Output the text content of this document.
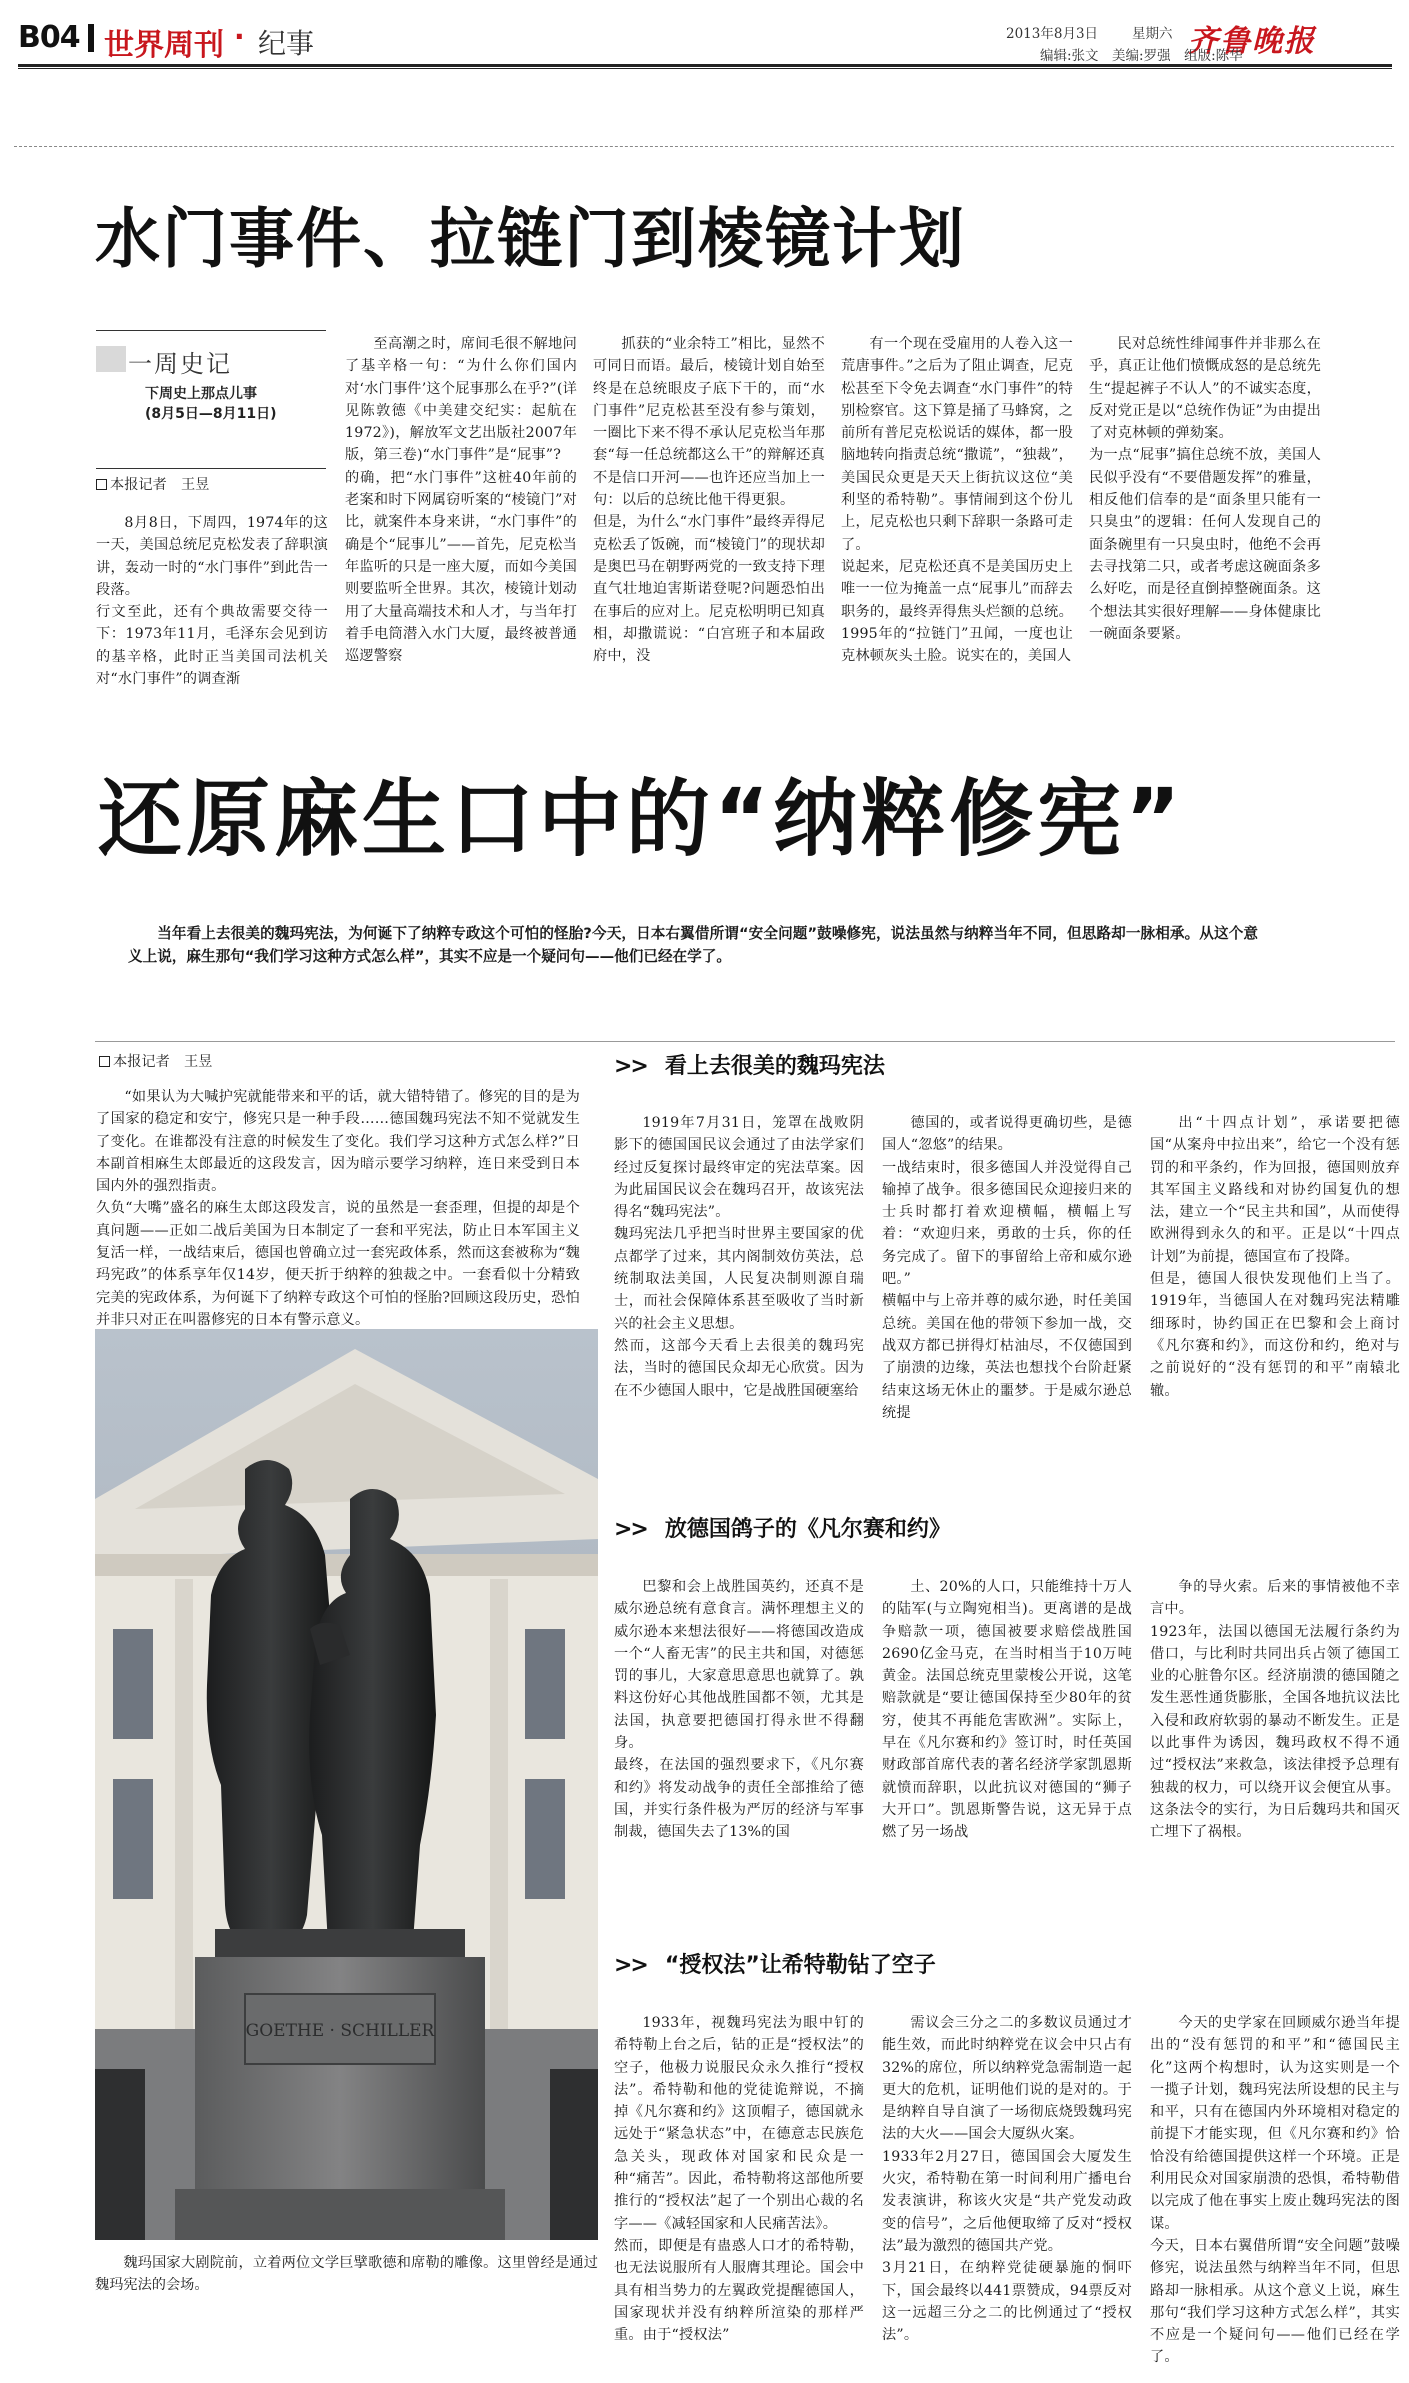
B04 世界周刊 · 纪事	2013年8月3日	星期六 齐鲁晚报
编辑:张文　美编:罗强　组版:陈华
水门事件、拉链门到棱镜计划
一周史记
下周史上那点儿事
(8月5日—8月11日)
本报记者　王昱
8月8日，下周四，1974年的这一天，美国总统尼克松发表了辞职演讲，轰动一时的“水门事件”到此告一段落。
行文至此，还有个典故需要交待一下：1973年11月，毛泽东会见到访的基辛格，此时正当美国司法机关对“水门事件”的调查渐
至高潮之时，席间毛很不解地问了基辛格一句：“为什么你们国内对‘水门事件’这个屁事那么在乎?”(详见陈敦德《中美建交纪实：起航在1972》)，解放军文艺出版社2007年版，第三卷)“水门事件”是“屁事”?
的确，把“水门事件”这桩40年前的老案和时下网属窃听案的“棱镜门”对比，就案件本身来讲，“水门事件”的确是个“屁事儿”——首先，尼克松当年监听的只是一座大厦，而如今美国则要监听全世界。其次，棱镜计划动用了大量高端技术和人才，与当年打着手电筒潜入水门大厦，最终被普通巡逻警察
抓获的“业余特工”相比，显然不可同日而语。最后，棱镜计划自始至终是在总统眼皮子底下干的，而“水门事件”尼克松甚至没有参与策划，一圈比下来不得不承认尼克松当年那套“每一任总统都这么干”的辩解还真不是信口开河——也许还应当加上一句：以后的总统比他干得更狠。
但是，为什么“水门事件”最终弄得尼克松丢了饭碗，而“棱镜门”的现状却是奥巴马在朝野两党的一致支持下理直气壮地迫害斯诺登呢?问题恐怕出在事后的应对上。尼克松明明已知真相，却撒谎说：“白宫班子和本届政府中，没
有一个现在受雇用的人卷入这一荒唐事件。”之后为了阻止调查，尼克松甚至下令免去调查“水门事件”的特别检察官。这下算是捅了马蜂窝，之前所有普尼克松说话的媒体，都一股脑地转向指责总统“撒谎”，“独裁”，美国民众更是天天上街抗议这位“美利坚的希特勒”。事情闹到这个份儿上，尼克松也只剩下辞职一条路可走了。
说起来，尼克松还真不是美国历史上唯一一位为掩盖一点“屁事儿”而辞去职务的，最终弄得焦头烂额的总统。1995年的“拉链门”丑闻，一度也让克林顿灰头土脸。说实在的，美国人
民对总统性绯闻事件并非那么在乎，真正让他们愤慨成怒的是总统先生“提起裤子不认人”的不诚实态度，反对党正是以“总统作伪证”为由提出了对克林顿的弹劾案。
为一点“屁事”搞住总统不放，美国人民似乎没有“不要借题发挥”的雅量，相反他们信奉的是“面条里只能有一只臭虫”的逻辑：任何人发现自己的面条碗里有一只臭虫时，他绝不会再去寻找第二只，或者考虑这碗面条多么好吃，而是径直倒掉整碗面条。这个想法其实很好理解——身体健康比一碗面条要紧。
还原麻生口中的“纳粹修宪”
当年看上去很美的魏玛宪法，为何诞下了纳粹专政这个可怕的怪胎?今天，日本右翼借所谓“安全问题”鼓噪修宪，说法虽然与纳粹当年不同，但思路却一脉相承。从这个意义上说，麻生那句“我们学习这种方式怎么样”，其实不应是一个疑问句——他们已经在学了。
本报记者　王昱
“如果认为大喊护宪就能带来和平的话，就大错特错了。修宪的目的是为了国家的稳定和安宁，修宪只是一种手段……德国魏玛宪法不知不觉就发生了变化。在谁都没有注意的时候发生了变化。我们学习这种方式怎么样?”日本副首相麻生太郎最近的这段发言，因为暗示要学习纳粹，连日来受到日本国内外的强烈指责。
久负“大嘴”盛名的麻生太郎这段发言，说的虽然是一套歪理，但提的却是个真问题——正如二战后美国为日本制定了一套和平宪法，防止日本军国主义复活一样，一战结束后，德国也曾确立过一套宪政体系，然而这套被称为“魏玛宪政”的体系享年仅14岁，便天折于纳粹的独裁之中。一套看似十分精致完美的宪政体系，为何诞下了纳粹专政这个可怕的怪胎?回顾这段历史，恐怕并非只对正在叫嚣修宪的日本有警示意义。
GOETHE · SCHILLER
魏玛国家大剧院前，立着两位文学巨擘歌德和席勒的雕像。这里曾经是通过魏玛宪法的会场。
>> 看上去很美的魏玛宪法
1919年7月31日，笼罩在战败阴影下的德国国民议会通过了由法学家们经过反复探讨最终审定的宪法草案。因为此届国民议会在魏玛召开，故该宪法得名“魏玛宪法”。
魏玛宪法几乎把当时世界主要国家的优点都学了过来，其内阁制效仿英法，总统制取法美国，人民复决制则源自瑞士，而社会保障体系甚至吸收了当时新兴的社会主义思想。
然而，这部今天看上去很美的魏玛宪法，当时的德国民众却无心欣赏。因为在不少德国人眼中，它是战胜国硬塞给
德国的，或者说得更确切些，是德国人“忽悠”的结果。
一战结束时，很多德国人并没觉得自己输掉了战争。很多德国民众迎接归来的士兵时都打着欢迎横幅，横幅上写着：“欢迎归来，勇敢的士兵，你的任务完成了。留下的事留给上帝和威尔逊吧。”
横幅中与上帝并尊的威尔逊，时任美国总统。美国在他的带领下参加一战，交战双方都已拼得灯枯油尽，不仅德国到了崩溃的边缘，英法也想找个台阶赶紧结束这场无休止的噩梦。于是威尔逊总统提
出“十四点计划”，承诺要把德国“从案舟中拉出来”，给它一个没有惩罚的和平条约，作为回报，德国则放弃其军国主义路线和对协约国复仇的想法，建立一个“民主共和国”，从而使得欧洲得到永久的和平。正是以“十四点计划”为前提，德国宣布了投降。
但是，德国人很快发现他们上当了。1919年，当德国人在对魏玛宪法精雕细琢时，协约国正在巴黎和会上商讨《凡尔赛和约》，而这份和约，绝对与之前说好的“没有惩罚的和平”南辕北辙。
>> 放德国鸽子的《凡尔赛和约》
巴黎和会上战胜国英约，还真不是威尔逊总统有意食言。满怀理想主义的威尔逊本来想法很好——将德国改造成一个“人畜无害”的民主共和国，对德惩罚的事儿，大家意思意思也就算了。孰料这份好心其他战胜国都不领，尤其是法国，执意要把德国打得永世不得翻身。
最终，在法国的强烈要求下，《凡尔赛和约》将发动战争的责任全部推给了德国，并实行条件极为严厉的经济与军事制裁，德国失去了13%的国
土、20%的人口，只能维持十万人的陆军(与立陶宛相当)。更离谱的是战争赔款一项，德国被要求赔偿战胜国2690亿金马克，在当时相当于10万吨黄金。法国总统克里蒙梭公开说，这笔赔款就是“要让德国保持至少80年的贫穷，使其不再能危害欧洲”。实际上，早在《凡尔赛和约》签订时，时任英国财政部首席代表的著名经济学家凯恩斯就愤而辞职，以此抗议对德国的“狮子大开口”。凯恩斯警告说，这无异于点燃了另一场战
争的导火索。后来的事情被他不幸言中。
1923年，法国以德国无法履行条约为借口，与比利时共同出兵占领了德国工业的心脏鲁尔区。经济崩溃的德国随之发生恶性通货膨胀，全国各地抗议法比入侵和政府软弱的暴动不断发生。正是以此事件为诱因，魏玛政权不得不通过“授权法”来救急，该法律授予总理有独裁的权力，可以绕开议会便宜从事。这条法令的实行，为日后魏玛共和国灭亡埋下了祸根。
>> “授权法”让希特勒钻了空子
1933年，视魏玛宪法为眼中钉的希特勒上台之后，钻的正是“授权法”的空子，他极力说服民众永久推行“授权法”。希特勒和他的党徒诡辩说，不摘掉《凡尔赛和约》这顶帽子，德国就永远处于“紧急状态”中，在德意志民族危急关头，现政体对国家和民众是一种“痛苦”。因此，希特勒将这部他所要推行的“授权法”起了一个别出心裁的名字——《减轻国家和人民痛苦法》。
然而，即便是有蛊惑人口才的希特勒，也无法说服所有人服膺其理论。国会中具有相当势力的左翼政党提醒德国人，国家现状并没有纳粹所渲染的那样严重。由于“授权法”
需议会三分之二的多数议员通过才能生效，而此时纳粹党在议会中只占有32%的席位，所以纳粹党急需制造一起更大的危机，证明他们说的是对的。于是纳粹自导自演了一场彻底烧毁魏玛宪法的大火——国会大厦纵火案。
1933年2月27日，德国国会大厦发生火灾，希特勒在第一时间利用广播电台发表演讲，称该火灾是“共产党发动政变的信号”，之后他便取缔了反对“授权法”最为激烈的德国共产党。
3月21日，在纳粹党徒硬暴施的恫吓下，国会最终以441票赞成，94票反对这一远超三分之二的比例通过了“授权法”。
今天的史学家在回顾威尔逊当年提出的“没有惩罚的和平”和“德国民主化”这两个构想时，认为这实则是一个一揽子计划，魏玛宪法所设想的民主与和平，只有在德国内外环境相对稳定的前提下才能实现，但《凡尔赛和约》恰恰没有给德国提供这样一个环境。正是利用民众对国家崩溃的恐惧，希特勒借以完成了他在事实上废止魏玛宪法的图谋。
今天，日本右翼借所谓“安全问题”鼓噪修宪，说法虽然与纳粹当年不同，但思路却一脉相承。从这个意义上说，麻生那句“我们学习这种方式怎么样”，其实不应是一个疑问句——他们已经在学了。
